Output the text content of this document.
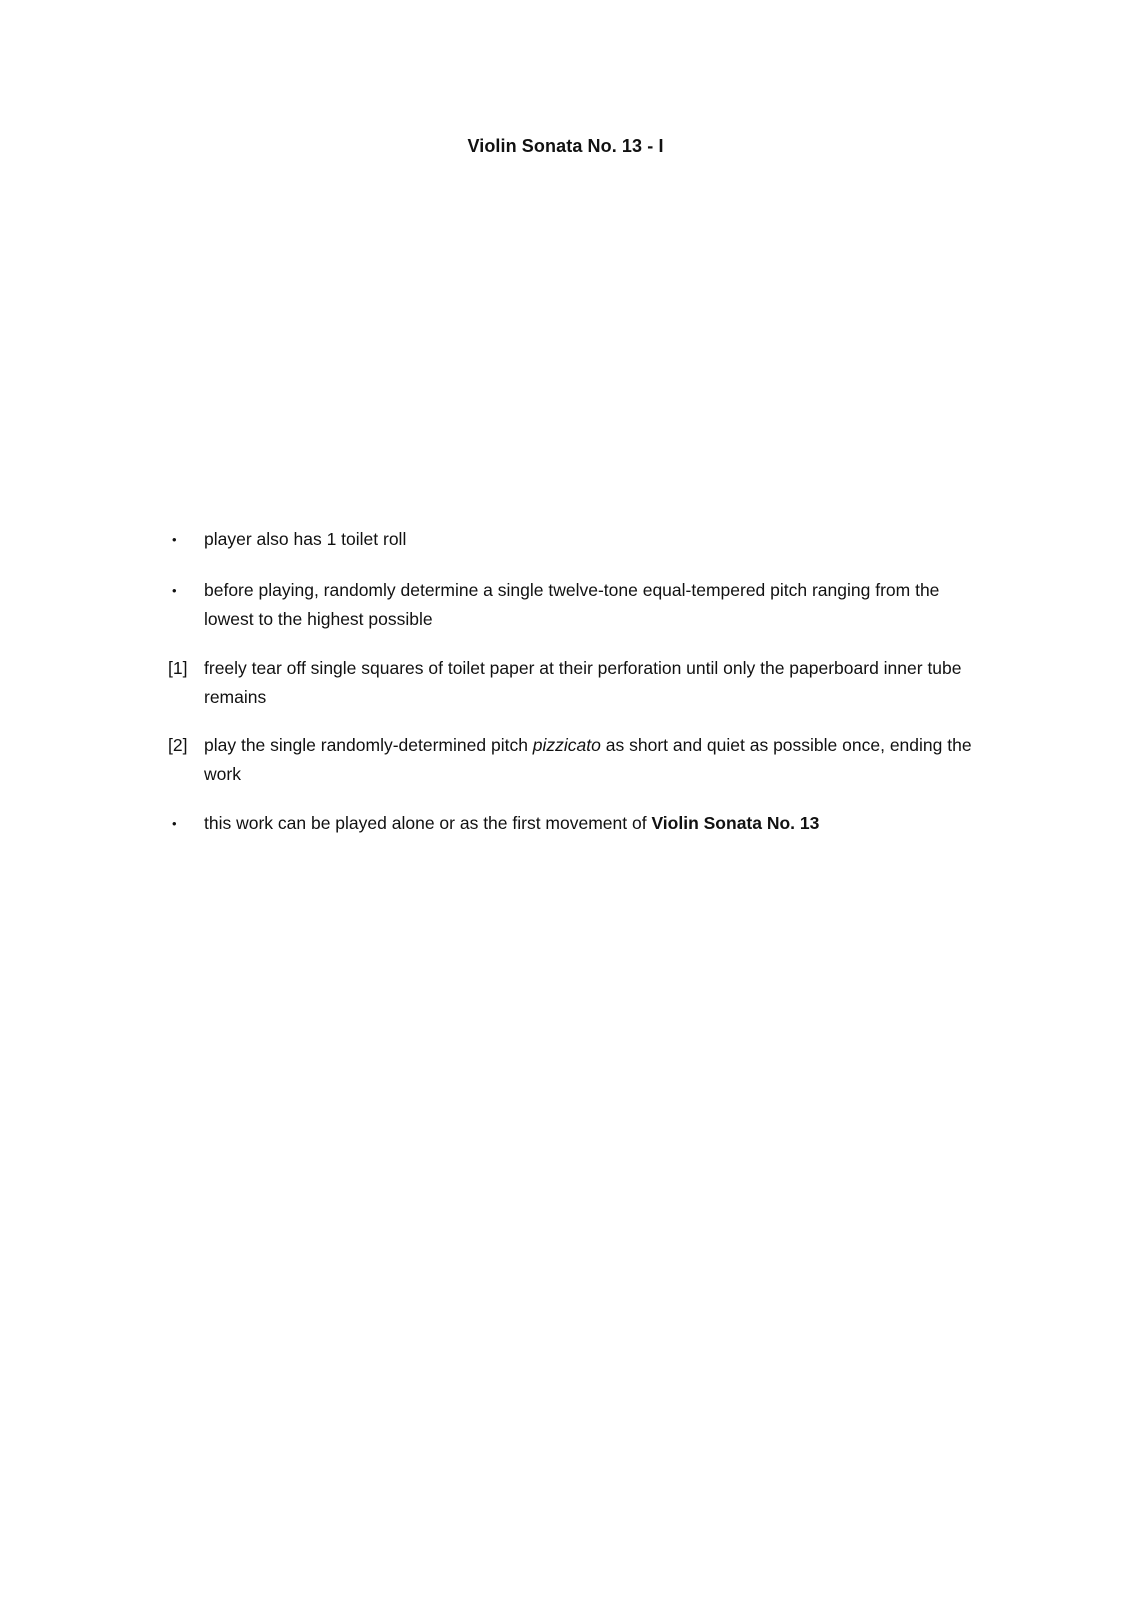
Violin Sonata No. 13 - I
•	player also has 1 toilet roll
•	before playing, randomly determine a single twelve-tone equal-tempered pitch ranging from the lowest to the highest possible
[1] freely tear off single squares of toilet paper at their perforation until only the paperboard inner tube remains
[2] play the single randomly-determined pitch pizzicato as short and quiet as possible once, ending the work
•	this work can be played alone or as the first movement of Violin Sonata No. 13
